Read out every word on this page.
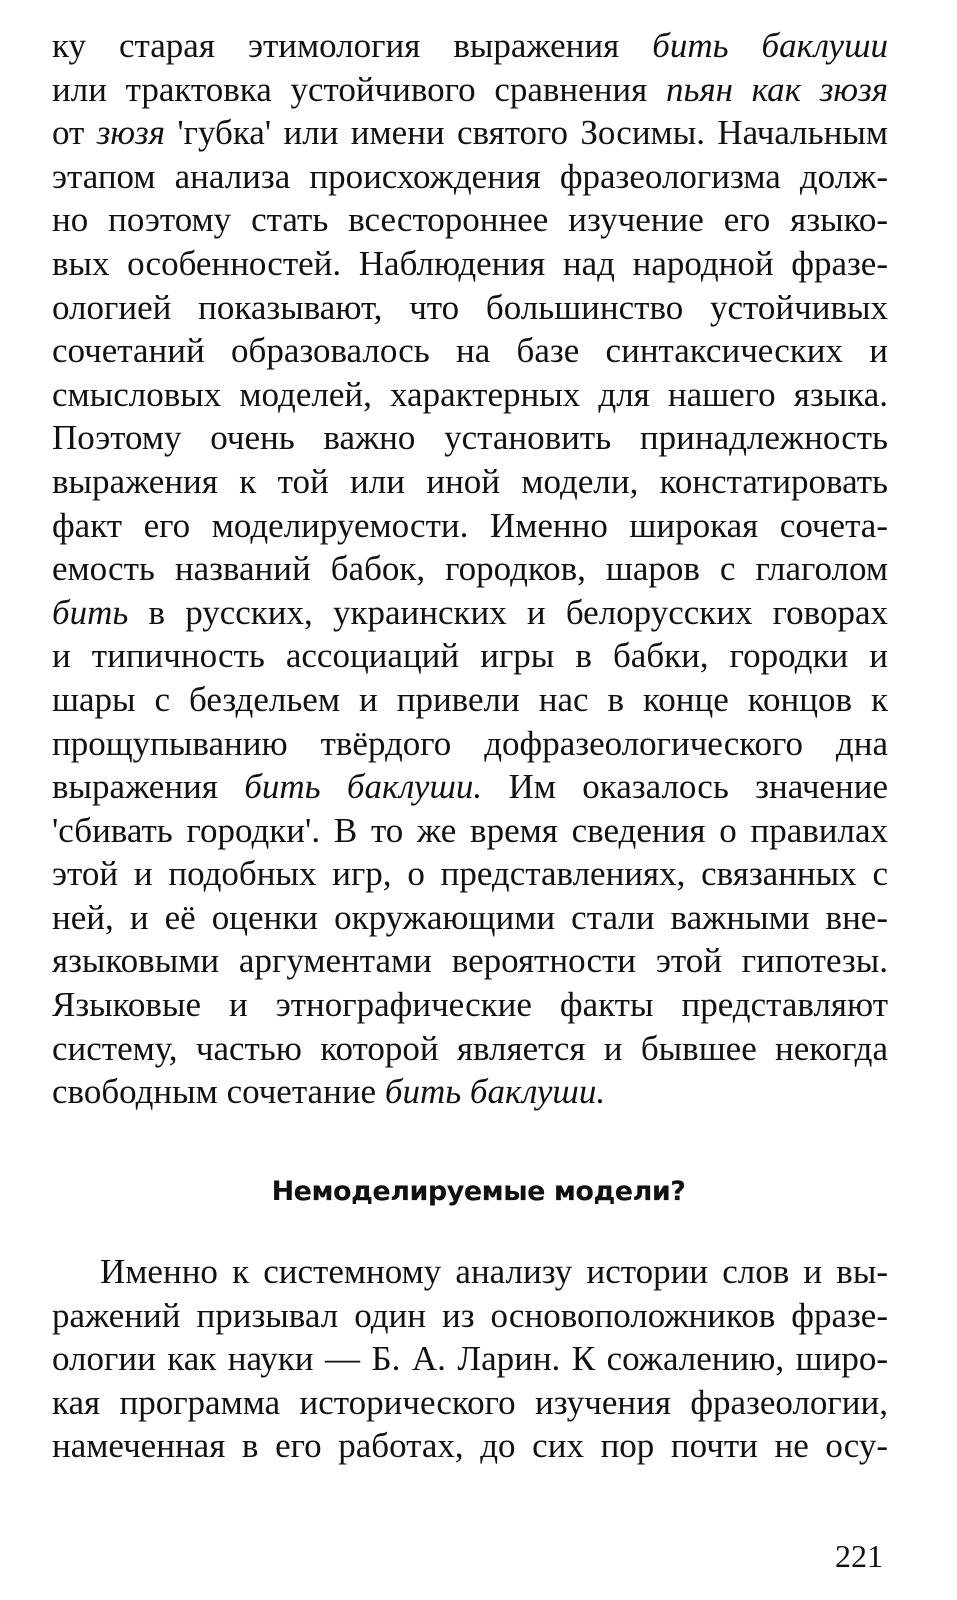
ку старая этимология выражения бить баклуши
или трактовка устойчивого сравнения пьян как зюзя
от зюзя 'губка' или имени святого Зосимы. Начальным
этапом анализа происхождения фразеологизма долж-
но поэтому стать всестороннее изучение его языко-
вых особенностей. Наблюдения над народной фразе-
ологией показывают, что большинство устойчивых
сочетаний образовалось на базе синтаксических и
смысловых моделей, характерных для нашего языка.
Поэтому очень важно установить принадлежность
выражения к той или иной модели, констатировать
факт его моделируемости. Именно широкая сочета-
емость названий бабок, городков, шаров с глаголом
бить в русских, украинских и белорусских говорах
и типичность ассоциаций игры в бабки, городки и
шары с бездельем и привели нас в конце концов к
прощупыванию твёрдого дофразеологического дна
выражения бить баклуши. Им оказалось значение
'сбивать городки'. В то же время сведения о правилах
этой и подобных игр, о представлениях, связанных с
ней, и её оценки окружающими стали важными вне-
языковыми аргументами вероятности этой гипотезы.
Языковые и этнографические факты представляют
систему, частью которой является и бывшее некогда
свободным сочетание бить баклуши.
Немоделируемые модели?
Именно к системному анализу истории слов и вы-
ражений призывал один из основоположников фразе-
ологии как науки — Б. А. Ларин. К сожалению, широ-
кая программа исторического изучения фразеологии,
намеченная в его работах, до сих пор почти не осу-
221
